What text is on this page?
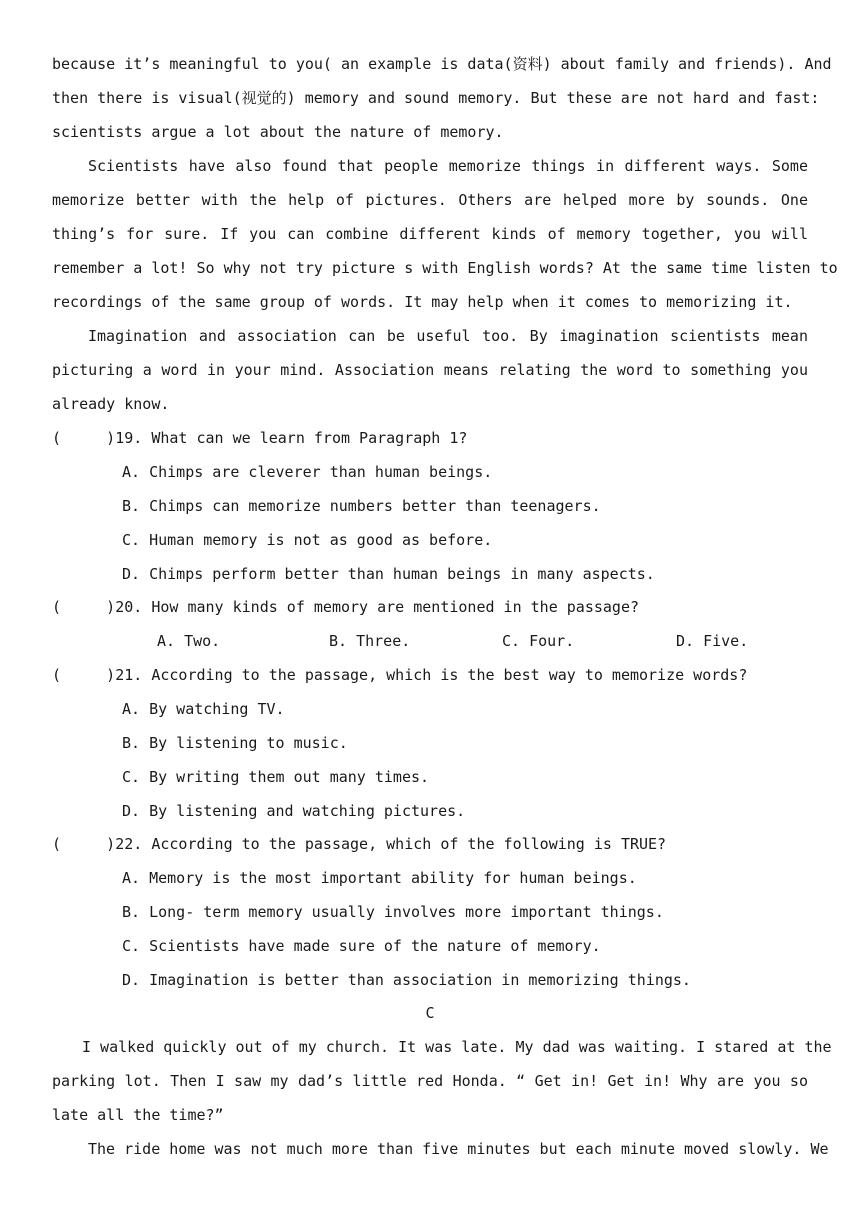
because it’s meaningful to you( an example is data(资料) about family and friends). And
then there is visual(视觉的) memory and sound memory. But these are not hard and fast:
scientists argue a lot about the nature of memory.
Scientists have also found that people memorize things in different ways. Some
memorize better with the help of pictures. Others are helped more by sounds. One
thing’s for sure. If you can combine different kinds of memory together, you will
remember a lot! So why not try picture s with English words? At the same time listen to
recordings of the same group of words. It may help when it comes to memorizing it.
Imagination and association can be useful too. By imagination scientists mean
picturing a word in your mind. Association means relating the word to something you
already know.
(     )19. What can we learn from Paragraph 1?
A. Chimps are cleverer than human beings.
B. Chimps can memorize numbers better than teenagers.
C. Human memory is not as good as before.
D. Chimps perform better than human beings in many aspects.
(     )20. How many kinds of memory are mentioned in the passage?
A. Two.	B. Three.	C. Four.	D. Five.
(     )21. According to the passage, which is the best way to memorize words?
A. By watching TV.
B. By listening to music.
C. By writing them out many times.
D. By listening and watching pictures.
(     )22. According to the passage, which of the following is TRUE?
A. Memory is the most important ability for human beings.
B. Long- term memory usually involves more important things.
C. Scientists have made sure of the nature of memory.
D. Imagination is better than association in memorizing things.
C
I walked quickly out of my church. It was late. My dad was waiting. I stared at the
parking lot. Then I saw my dad’s little red Honda. “ Get in! Get in! Why are you so
late all the time?”
The ride home was not much more than five minutes but each minute moved slowly. We
